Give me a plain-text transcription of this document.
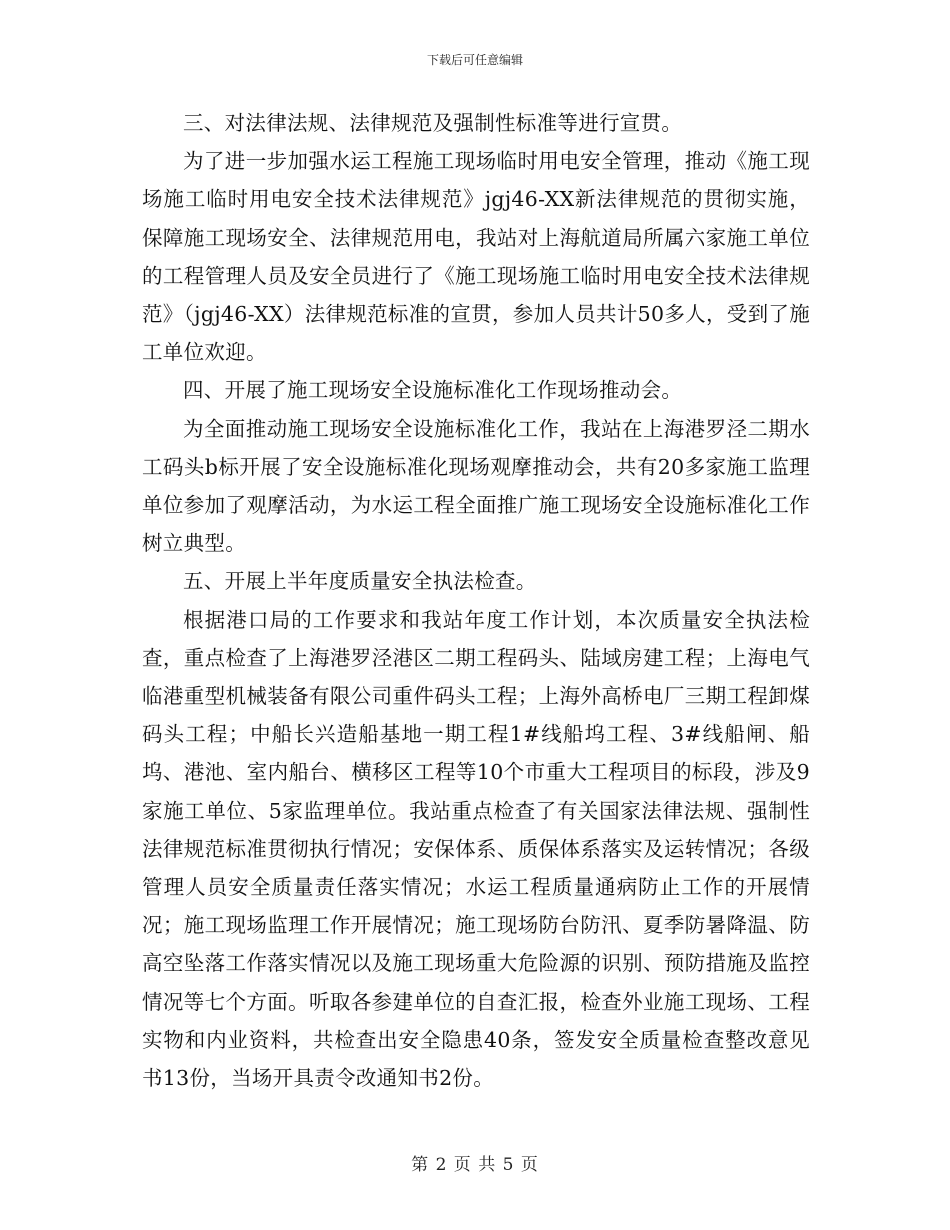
下载后可任意编辑

三、对法律法规、法律规范及强制性标准等进行宣贯。

为了进一步加强水运工程施工现场临时用电安全管理，推动《施工现场施工临时用电安全技术法律规范》jgj46-XX新法律规范的贯彻实施，保障施工现场安全、法律规范用电，我站对上海航道局所属六家施工单位的工程管理人员及安全员进行了《施工现场施工临时用电安全技术法律规范》（jgj46-XX）法律规范标准的宣贯，参加人员共计50多人，受到了施工单位欢迎。

四、开展了施工现场安全设施标准化工作现场推动会。

为全面推动施工现场安全设施标准化工作，我站在上海港罗泾二期水工码头b标开展了安全设施标准化现场观摩推动会，共有20多家施工监理单位参加了观摩活动，为水运工程全面推广施工现场安全设施标准化工作树立典型。

五、开展上半年度质量安全执法检查。

根据港口局的工作要求和我站年度工作计划，本次质量安全执法检查，重点检查了上海港罗泾港区二期工程码头、陆域房建工程；上海电气临港重型机械装备有限公司重件码头工程；上海外高桥电厂三期工程卸煤码头工程；中船长兴造船基地一期工程1#线船坞工程、3#线船闸、船坞、港池、室内船台、横移区工程等10个市重大工程项目的标段，涉及9家施工单位、5家监理单位。我站重点检查了有关国家法律法规、强制性法律规范标准贯彻执行情况；安保体系、质保体系落实及运转情况；各级管理人员安全质量责任落实情况；水运工程质量通病防止工作的开展情况；施工现场监理工作开展情况；施工现场防台防汛、夏季防暑降温、防高空坠落工作落实情况以及施工现场重大危险源的识别、预防措施及监控情况等七个方面。听取各参建单位的自查汇报，检查外业施工现场、工程实物和内业资料，共检查出安全隐患40条，签发安全质量检查整改意见书13份，当场开具责令改通知书2份。

第 2 页 共 5 页
